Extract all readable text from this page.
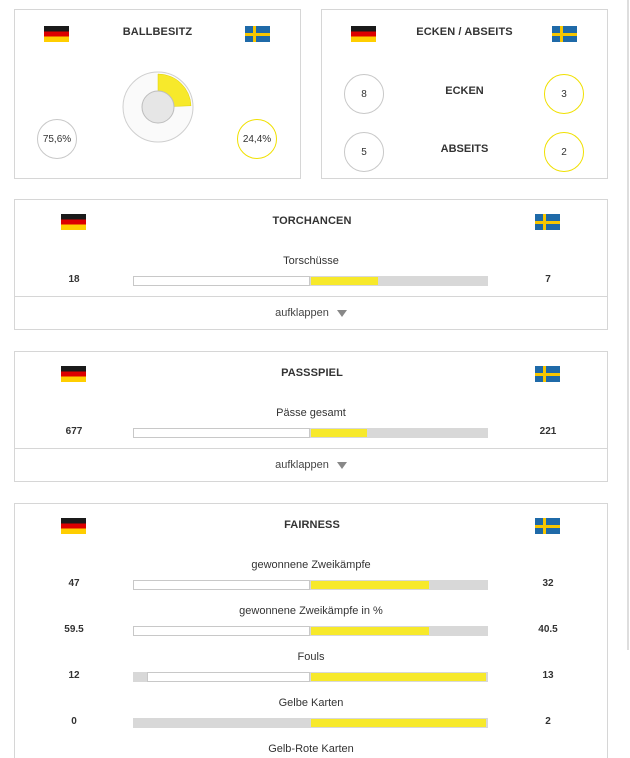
BALLBESITZ
75,6%	24,4%
ECKEN / ABSEITS
8	ECKEN	3
5	ABSEITS	2
TORCHANCEN
Torschüsse
18	7
aufklappen
PASSSPIEL
Pässe gesamt
677	221
aufklappen
FAIRNESS
gewonnene Zweikämpfe
47	32
gewonnene Zweikämpfe in %
59.5	40.5
Fouls
12	13
Gelbe Karten
0	2
Gelb-Rote Karten
